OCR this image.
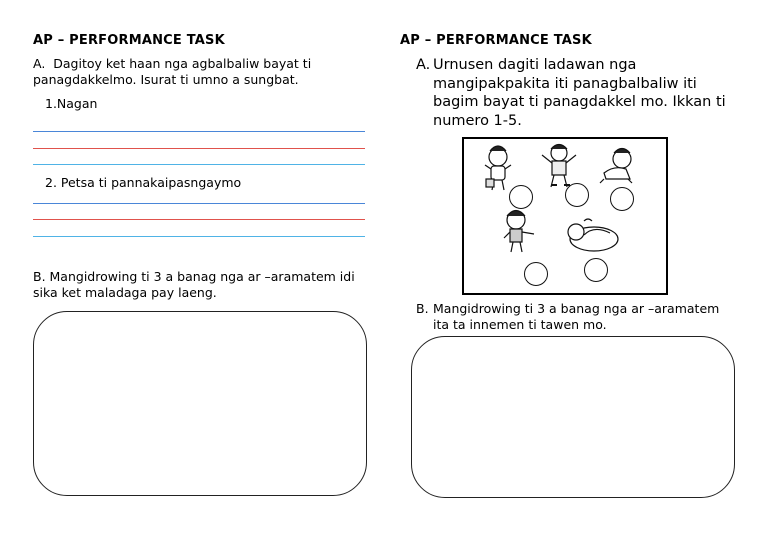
AP – PERFORMANCE TASK
A. Dagitoy ket haan nga agbalbaliw bayat ti panagdakkelmo. Isurat ti umno a sungbat.
1.Nagan
2. Petsa ti pannakaipasngaymo
B. Mangidrowing ti 3 a banag nga ar –aramatem idi sika ket maladaga pay laeng.
AP – PERFORMANCE TASK
A. Urnusen dagiti ladawan nga mangipakpakita iti panagbalbaliw iti bagim bayat ti panagdakkel mo. Ikkan ti numero 1-5.
B. Mangidrowing ti 3 a banag nga ar –aramatem ita ta innemen ti tawen mo.
